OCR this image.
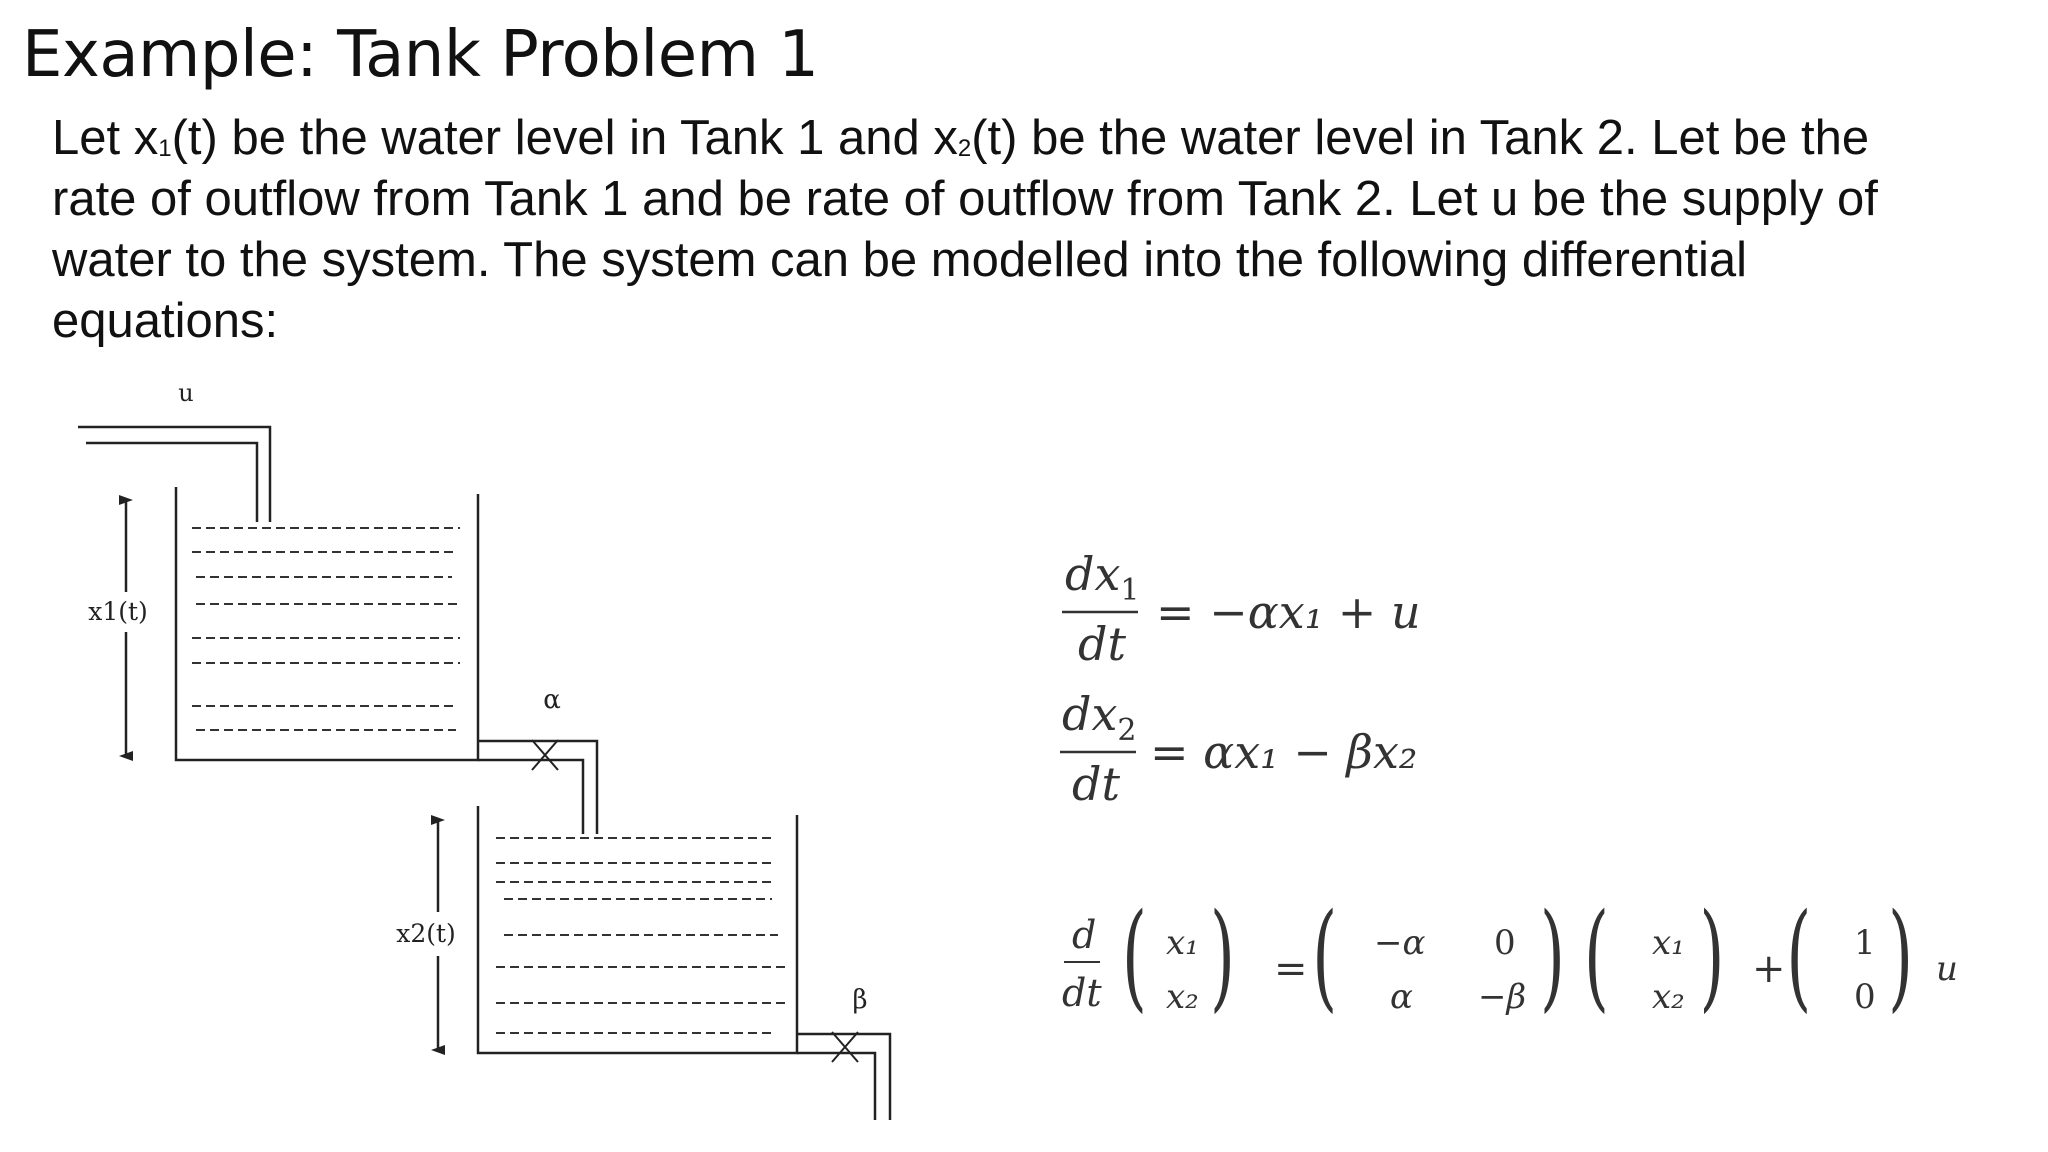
Example: Tank Problem 1
Let $x_1(t)$ be the water level in Tank 1 and $x_2(t)$ be the water level in Tank 2. Let be the
rate of outflow from Tank 1 and be rate of outflow from Tank 2. Let u be the supply of
water to the system. The system can be modelled into the following differential
equations:
u
x1(t)
x2(t)
α
β
$dx_1$
dt
= −αx₁ + u
$dx_2$
dt
= αx₁ − βx₂
d
dt ( x₁
x₂ ) = ( −α 0
α −β ) ( x₁
x₂ ) + ( 1
0 ) u
